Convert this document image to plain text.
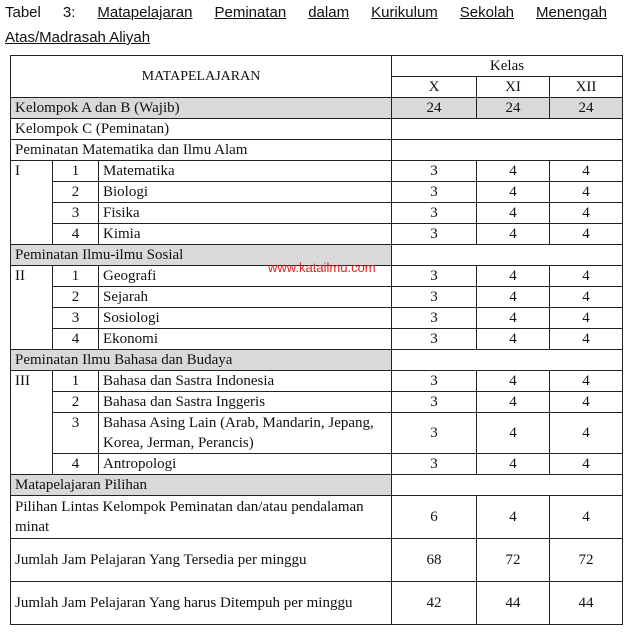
Tabel 3: Matapelajaran Peminatan dalam Kurikulum Sekolah Menengah
Atas/Madrasah Aliyah
MATAPELAJARAN			Kelas		
			X	XI	XII
Kelompok A dan B (Wajib)			24	24	24
Kelompok C (Peminatan)					
Peminatan Matematika dan Ilmu Alam					
I	1	Matematika	3	4	4
	2	Biologi	3	4	4
	3	Fisika	3	4	4
	4	Kimia	3	4	4
Peminatan Ilmu-ilmu Sosial					
II	1	Geografi	3	4	4
	2	Sejarah	3	4	4
	3	Sosiologi	3	4	4
	4	Ekonomi	3	4	4
Peminatan Ilmu Bahasa dan Budaya					
III	1	Bahasa dan Sastra Indonesia	3	4	4
	2	Bahasa dan Sastra Inggeris	3	4	4
	3	Bahasa Asing Lain (Arab, Mandarin, Jepang, Korea, Jerman, Perancis)	3	4	4
	4	Antropologi	3	4	4
Matapelajaran Pilihan					
Pilihan Lintas Kelompok Peminatan dan/atau pendalaman minat			6	4	4
Jumlah Jam Pelajaran Yang Tersedia per minggu			68	72	72
Jumlah Jam Pelajaran Yang harus Ditempuh per minggu			42	44	44
www.katailmu.com
